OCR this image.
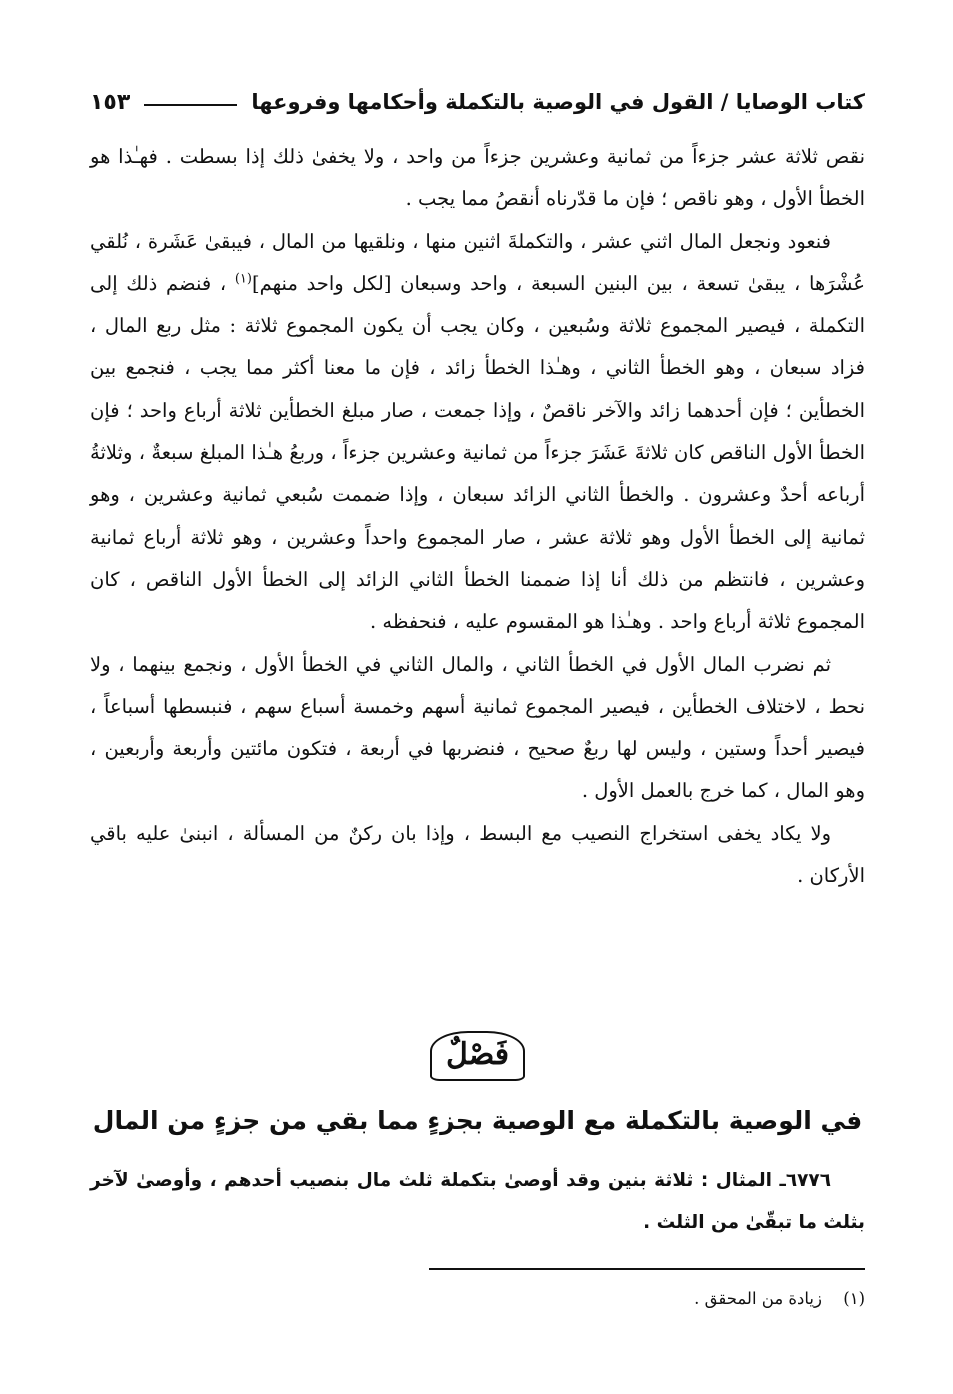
كتاب الوصايا / القول في الوصية بالتكملة وأحكامها وفروعها
١٥٣

نقص ثلاثة عشر جزءاً من ثمانية وعشرين جزءاً من واحد ، ولا يخفىٰ ذلك إذا بسطت . فهـٰذا هو الخطأ الأول ، وهو ناقص ؛ فإن ما قدّرناه أنقصُ مما يجب .

فنعود ونجعل المال اثني عشر ، والتكملةَ اثنين منها ، ونلقيها من المال ، فيبقىٰ عَشَرة ، نُلقي عُشْرَها ، يبقىٰ تسعة ، بين البنين السبعة ، واحد وسبعان [لكل واحد منهم]$^{(١)}$ ، فنضم ذلك إلى التكملة ، فيصير المجموع ثلاثة وسُبعين ، وكان يجب أن يكون المجموع ثلاثة : مثل ربع المال ، فزاد سبعان ، وهو الخطأ الثاني ، وهـٰذا الخطأ زائد ، فإن ما معنا أكثر مما يجب ، فنجمع بين الخطأين ؛ فإن أحدهما زائد والآخر ناقصٌ ، وإذا جمعت ، صار مبلغ الخطأين ثلاثة أرباع واحد ؛ فإن الخطأ الأول الناقص كان ثلاثةَ عَشَرَ جزءاً من ثمانية وعشرين جزءاً ، وربعُ هـٰذا المبلغ سبعةٌ ، وثلاثةُ أرباعه أحدٌ وعشرون . والخطأ الثاني الزائد سبعان ، وإذا ضممت سُبعي ثمانية وعشرين ، وهو ثمانية إلى الخطأ الأول وهو ثلاثة عشر ، صار المجموع واحداً وعشرين ، وهو ثلاثة أرباع ثمانية وعشرين ، فانتظم من ذلك أنا إذا ضممنا الخطأ الثاني الزائد إلى الخطأ الأول الناقص ، كان المجموع ثلاثة أرباع واحد . وهـٰذا هو المقسوم عليه ، فنحفظه .

ثم نضرب المال الأول في الخطأ الثاني ، والمال الثاني في الخطأ الأول ، ونجمع بينهما ، ولا نحط ، لاختلاف الخطأين ، فيصير المجموع ثمانية أسهم وخمسة أسباع سهم ، فنبسطها أسباعاً ، فيصير أحداً وستين ، وليس لها ربعٌ صحيح ، فنضربها في أربعة ، فتكون مائتين وأربعة وأربعين ، وهو المال ، كما خرج بالعمل الأول .

ولا يكاد يخفى استخراج النصيب مع البسط ، وإذا بان ركنٌ من المسألة ، انبنىٰ عليه باقي الأركان .

فَصْلٌ
في الوصية بالتكملة مع الوصية بجزءٍ مما بقي من جزءٍ من المال
٦٧٧٦ـ المثال : ثلاثة بنين وقد أوصىٰ بتكملة ثلث مال بنصيب أحدهم ، وأوصىٰ لآخر بثلث ما تبقّىٰ من الثلث .
(١) زيادة من المحقق .
